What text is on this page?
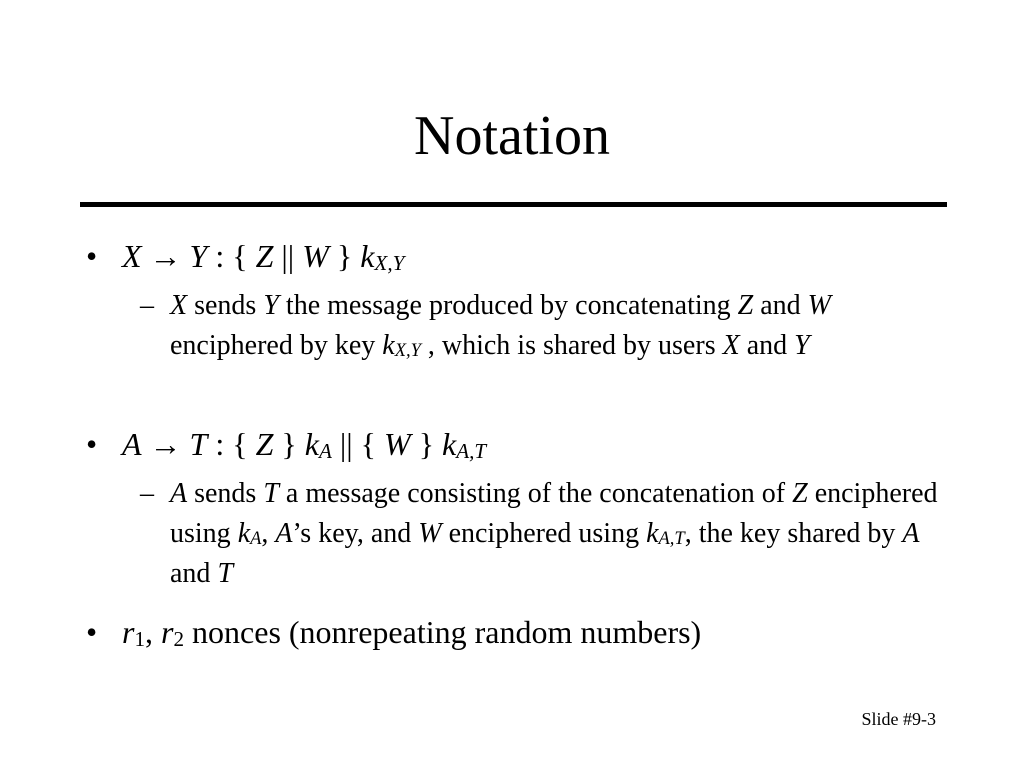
Notation
• X → Y : { Z || W } $k_{X,Y}$
– X sends Y the message produced by concatenating Z and W enciphered by key $k_{X,Y}$ , which is shared by users X and Y
• A → T : { Z } $k_A$ || { W } $k_{A,T}$
– A sends T a message consisting of the concatenation of Z enciphered using $k_A$, A’s key, and W enciphered using $k_{A,T}$, the key shared by A and T
• $r_1$, $r_2$ nonces (nonrepeating random numbers)
Slide #9-3
